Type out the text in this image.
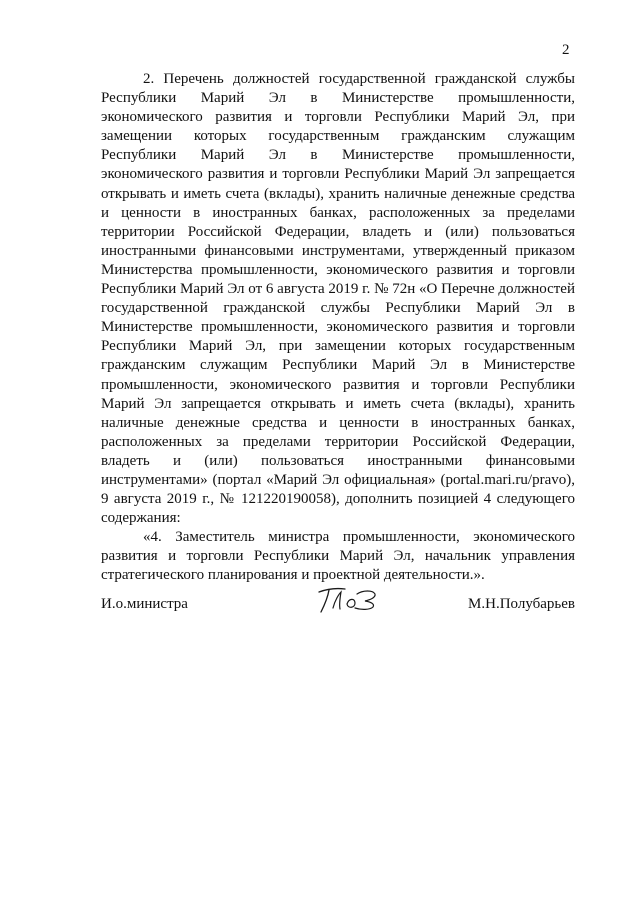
2

2. Перечень должностей государственной гражданской службы Республики Марий Эл в Министерстве промышленности, экономического развития и торговли Республики Марий Эл, при замещении которых государственным гражданским служащим Республики Марий Эл в Министерстве промышленности, экономического развития и торговли Республики Марий Эл запрещается открывать и иметь счета (вклады), хранить наличные денежные средства и ценности в иностранных банках, расположенных за пределами территории Российской Федерации, владеть и (или) пользоваться иностранными финансовыми инструментами, утвержденный приказом Министерства промышленности, экономического развития и торговли Республики Марий Эл от 6 августа 2019 г. № 72н «О Перечне должностей государственной гражданской службы Республики Марий Эл в Министерстве промышленности, экономического развития и торговли Республики Марий Эл, при замещении которых государственным гражданским служащим Республики Марий Эл в Министерстве промышленности, экономического развития и торговли Республики Марий Эл запрещается открывать и иметь счета (вклады), хранить наличные денежные средства и ценности в иностранных банках, расположенных за пределами территории Российской Федерации, владеть и (или) пользоваться иностранными финансовыми инструментами» (портал «Марий Эл официальная» (portal.mari.ru/pravo), 9 августа 2019 г., № 121220190058), дополнить позицией 4 следующего содержания:

«4. Заместитель министра промышленности, экономического развития и торговли Республики Марий Эл, начальник управления стратегического планирования и проектной деятельности.».

И.о.министра	М.Н.Полубарьев
